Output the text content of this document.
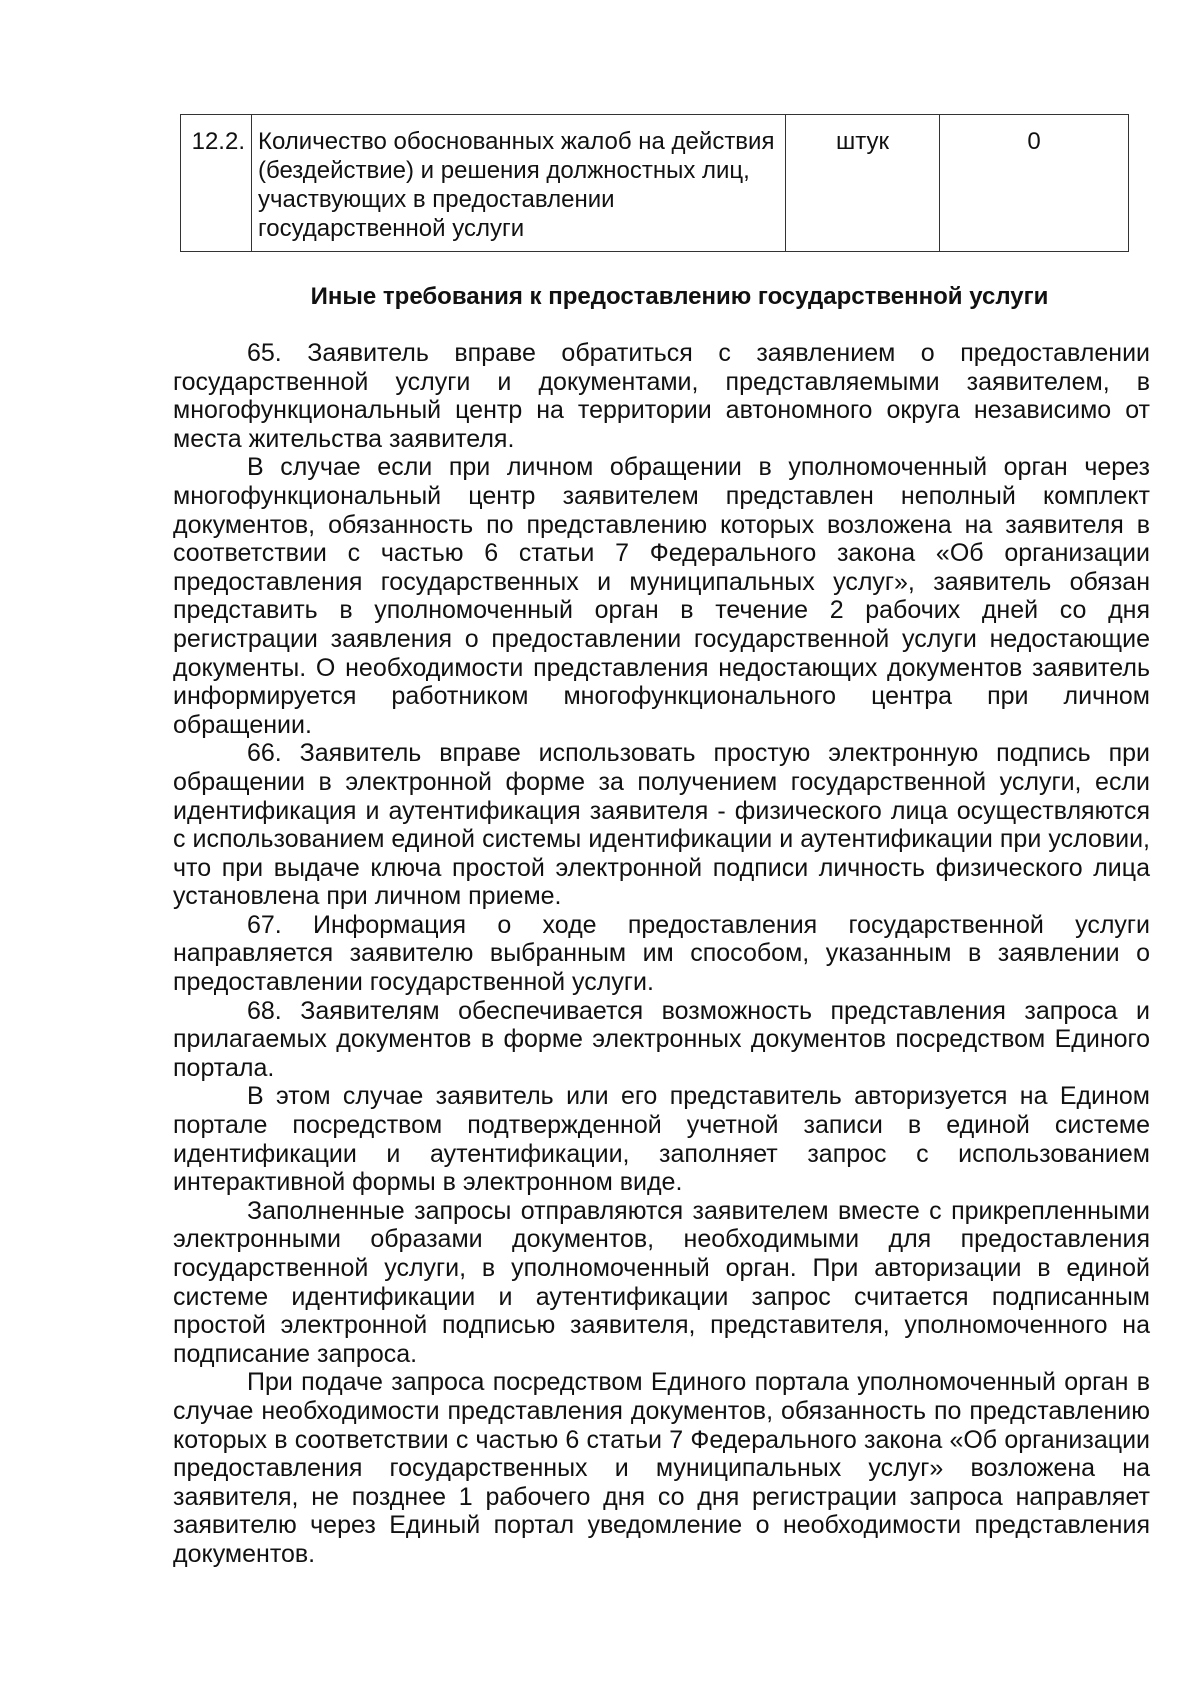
12.2.	Количество обоснованных жалоб на действия (бездействие) и решения должностных лиц, участвующих в предоставлении государственной услуги	штук	0
Иные требования к предоставлению государственной услуги

65. Заявитель вправе обратиться с заявлением о предоставлении государственной услуги и документами, представляемыми заявителем, в многофункциональный центр на территории автономного округа независимо от места жительства заявителя.

В случае если при личном обращении в уполномоченный орган через многофункциональный центр заявителем представлен неполный комплект документов, обязанность по представлению которых возложена на заявителя в соответствии с частью 6 статьи 7 Федерального закона «Об организации предоставления государственных и муниципальных услуг», заявитель обязан представить в уполномоченный орган в течение 2 рабочих дней со дня регистрации заявления о предоставлении государственной услуги недостающие документы. О необходимости представления недостающих документов заявитель информируется работником многофункционального центра при личном обращении.

66. Заявитель вправе использовать простую электронную подпись при обращении в электронной форме за получением государственной услуги, если идентификация и аутентификация заявителя - физического лица осуществляются с использованием единой системы идентификации и аутентификации при условии, что при выдаче ключа простой электронной подписи личность физического лица установлена при личном приеме.

67. Информация о ходе предоставления государственной услуги направляется заявителю выбранным им способом, указанным в заявлении о предоставлении государственной услуги.

68. Заявителям обеспечивается возможность представления запроса и прилагаемых документов в форме электронных документов посредством Единого портала.

В этом случае заявитель или его представитель авторизуется на Едином портале посредством подтвержденной учетной записи в единой системе идентификации и аутентификации, заполняет запрос с использованием интерактивной формы в электронном виде.

Заполненные запросы отправляются заявителем вместе с прикрепленными электронными образами документов, необходимыми для предоставления государственной услуги, в уполномоченный орган. При авторизации в единой системе идентификации и аутентификации запрос считается подписанным простой электронной подписью заявителя, представителя, уполномоченного на подписание запроса.

При подаче запроса посредством Единого портала уполномоченный орган в случае необходимости представления документов, обязанность по представлению которых в соответствии с частью 6 статьи 7 Федерального закона «Об организации предоставления государственных и муниципальных услуг» возложена на заявителя, не позднее 1 рабочего дня со дня регистрации запроса направляет заявителю через Единый портал уведомление о необходимости представления документов.
